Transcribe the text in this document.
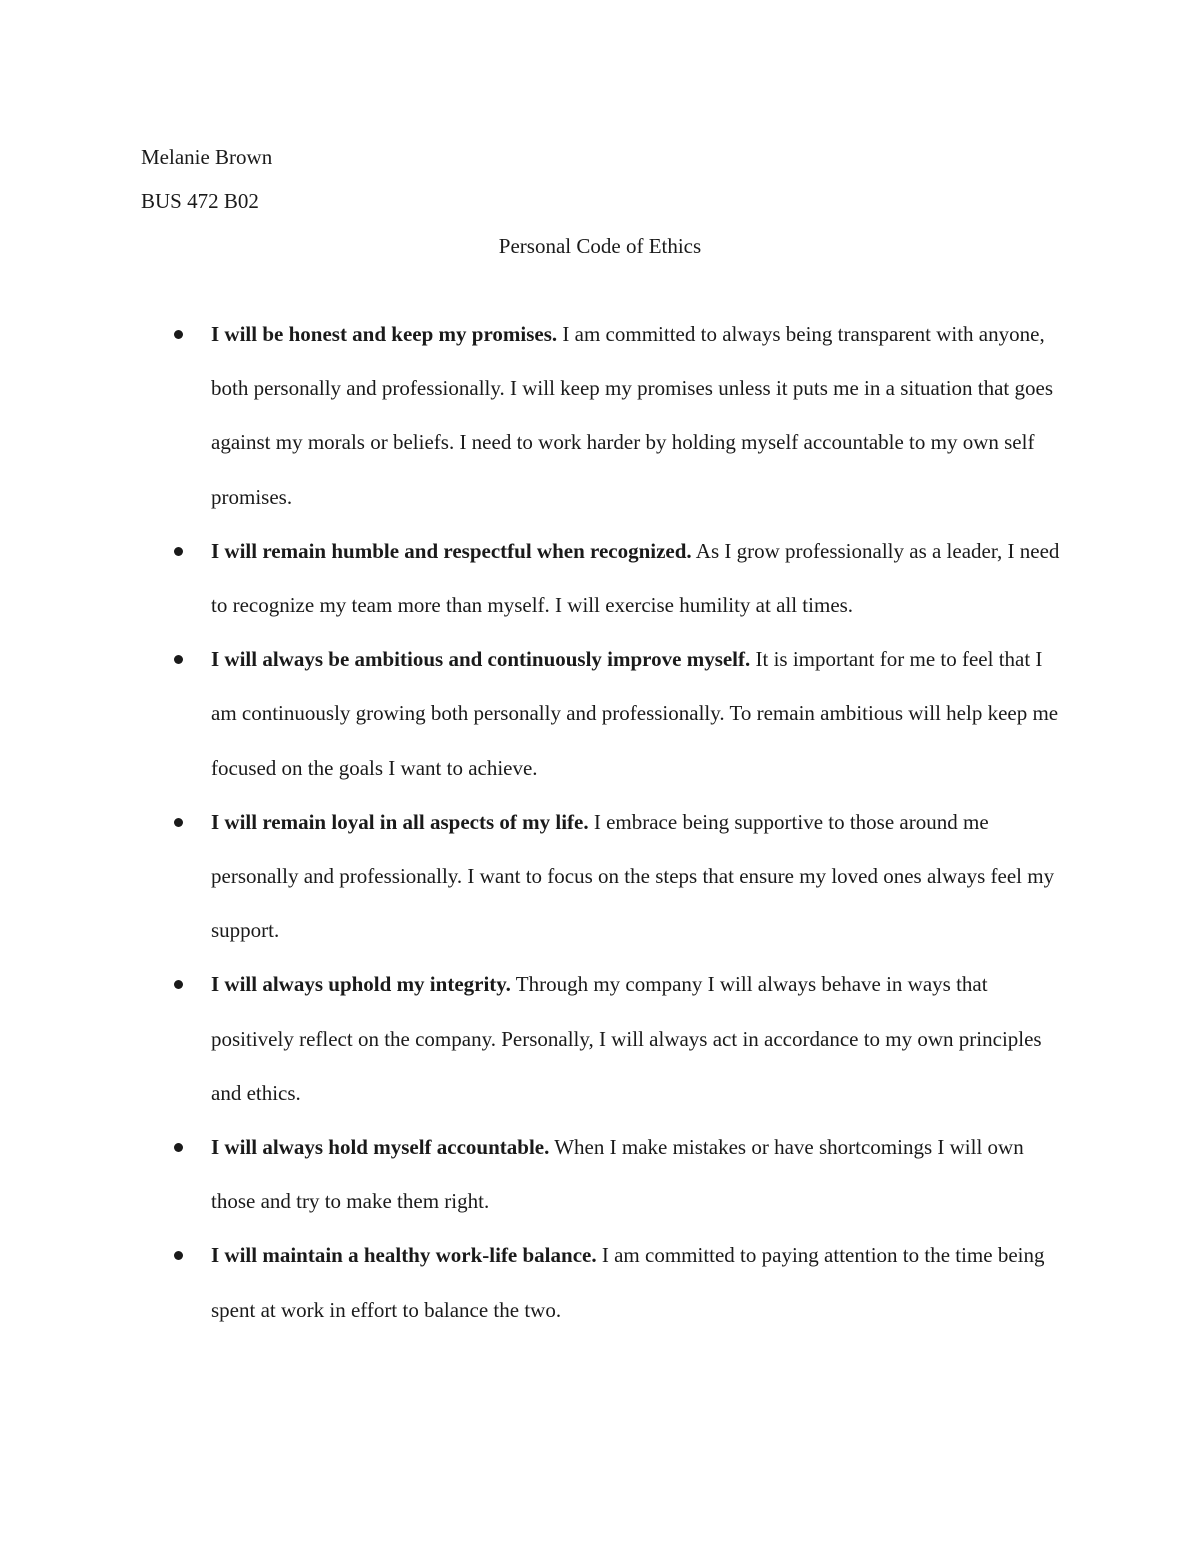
Melanie Brown
BUS 472 B02
Personal Code of Ethics
I will be honest and keep my promises. I am committed to always being transparent with anyone, both personally and professionally. I will keep my promises unless it puts me in a situation that goes against my morals or beliefs. I need to work harder by holding myself accountable to my own self promises.
I will remain humble and respectful when recognized. As I grow professionally as a leader, I need to recognize my team more than myself. I will exercise humility at all times.
I will always be ambitious and continuously improve myself. It is important for me to feel that I am continuously growing both personally and professionally. To remain ambitious will help keep me focused on the goals I want to achieve.
I will remain loyal in all aspects of my life. I embrace being supportive to those around me personally and professionally. I want to focus on the steps that ensure my loved ones always feel my support.
I will always uphold my integrity. Through my company I will always behave in ways that positively reflect on the company. Personally, I will always act in accordance to my own principles and ethics.
I will always hold myself accountable. When I make mistakes or have shortcomings I will own those and try to make them right.
I will maintain a healthy work-life balance. I am committed to paying attention to the time being spent at work in effort to balance the two.
